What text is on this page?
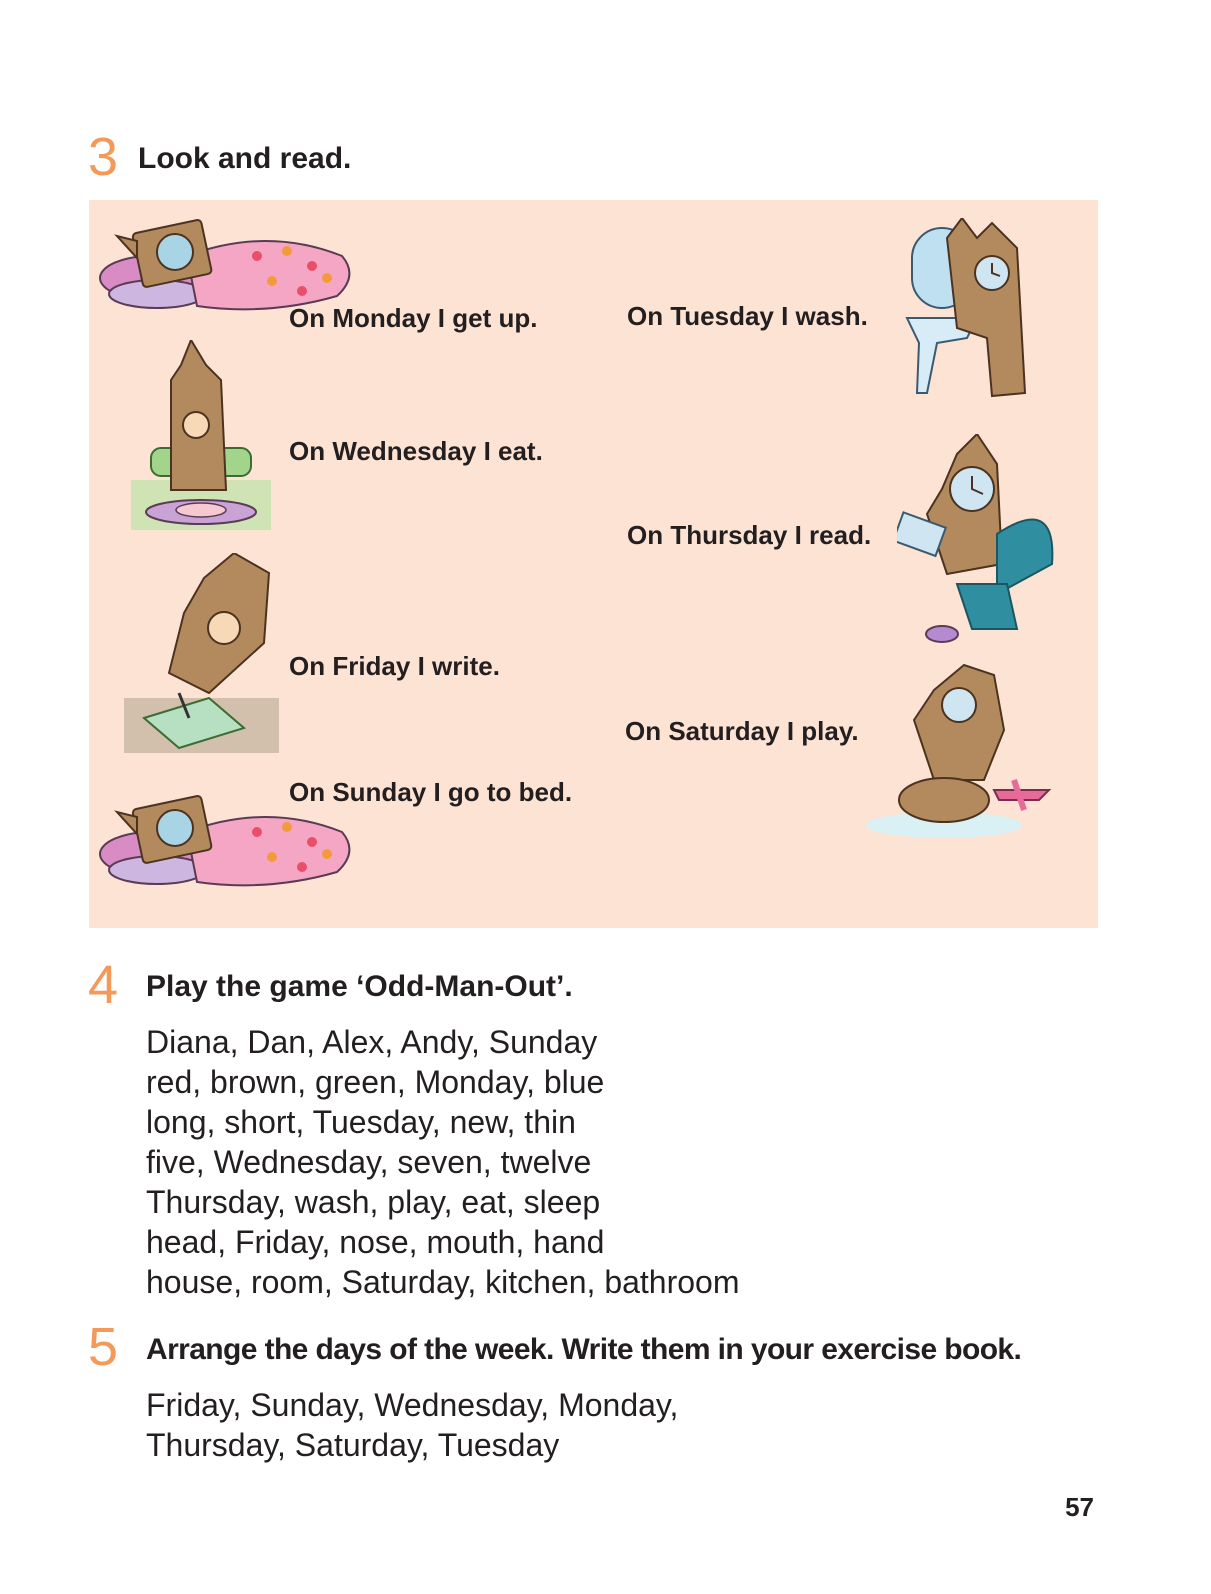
3 Look and read.
On Monday I get up.	On Tuesday I wash.
On Wednesday I eat.
On Thursday I read.
On Friday I write.
On Saturday I play.
On Sunday I go to bed.
4 Play the game ‘Odd-Man-Out’.
Diana, Dan, Alex, Andy, Sunday
red, brown, green, Monday, blue
long, short, Tuesday, new, thin
five, Wednesday, seven, twelve
Thursday, wash, play, eat, sleep
head, Friday, nose, mouth, hand
house, room, Saturday, kitchen, bathroom
5 Arrange the days of the week. Write them in your exercise book.
Friday, Sunday, Wednesday, Monday,
Thursday, Saturday, Tuesday
57
